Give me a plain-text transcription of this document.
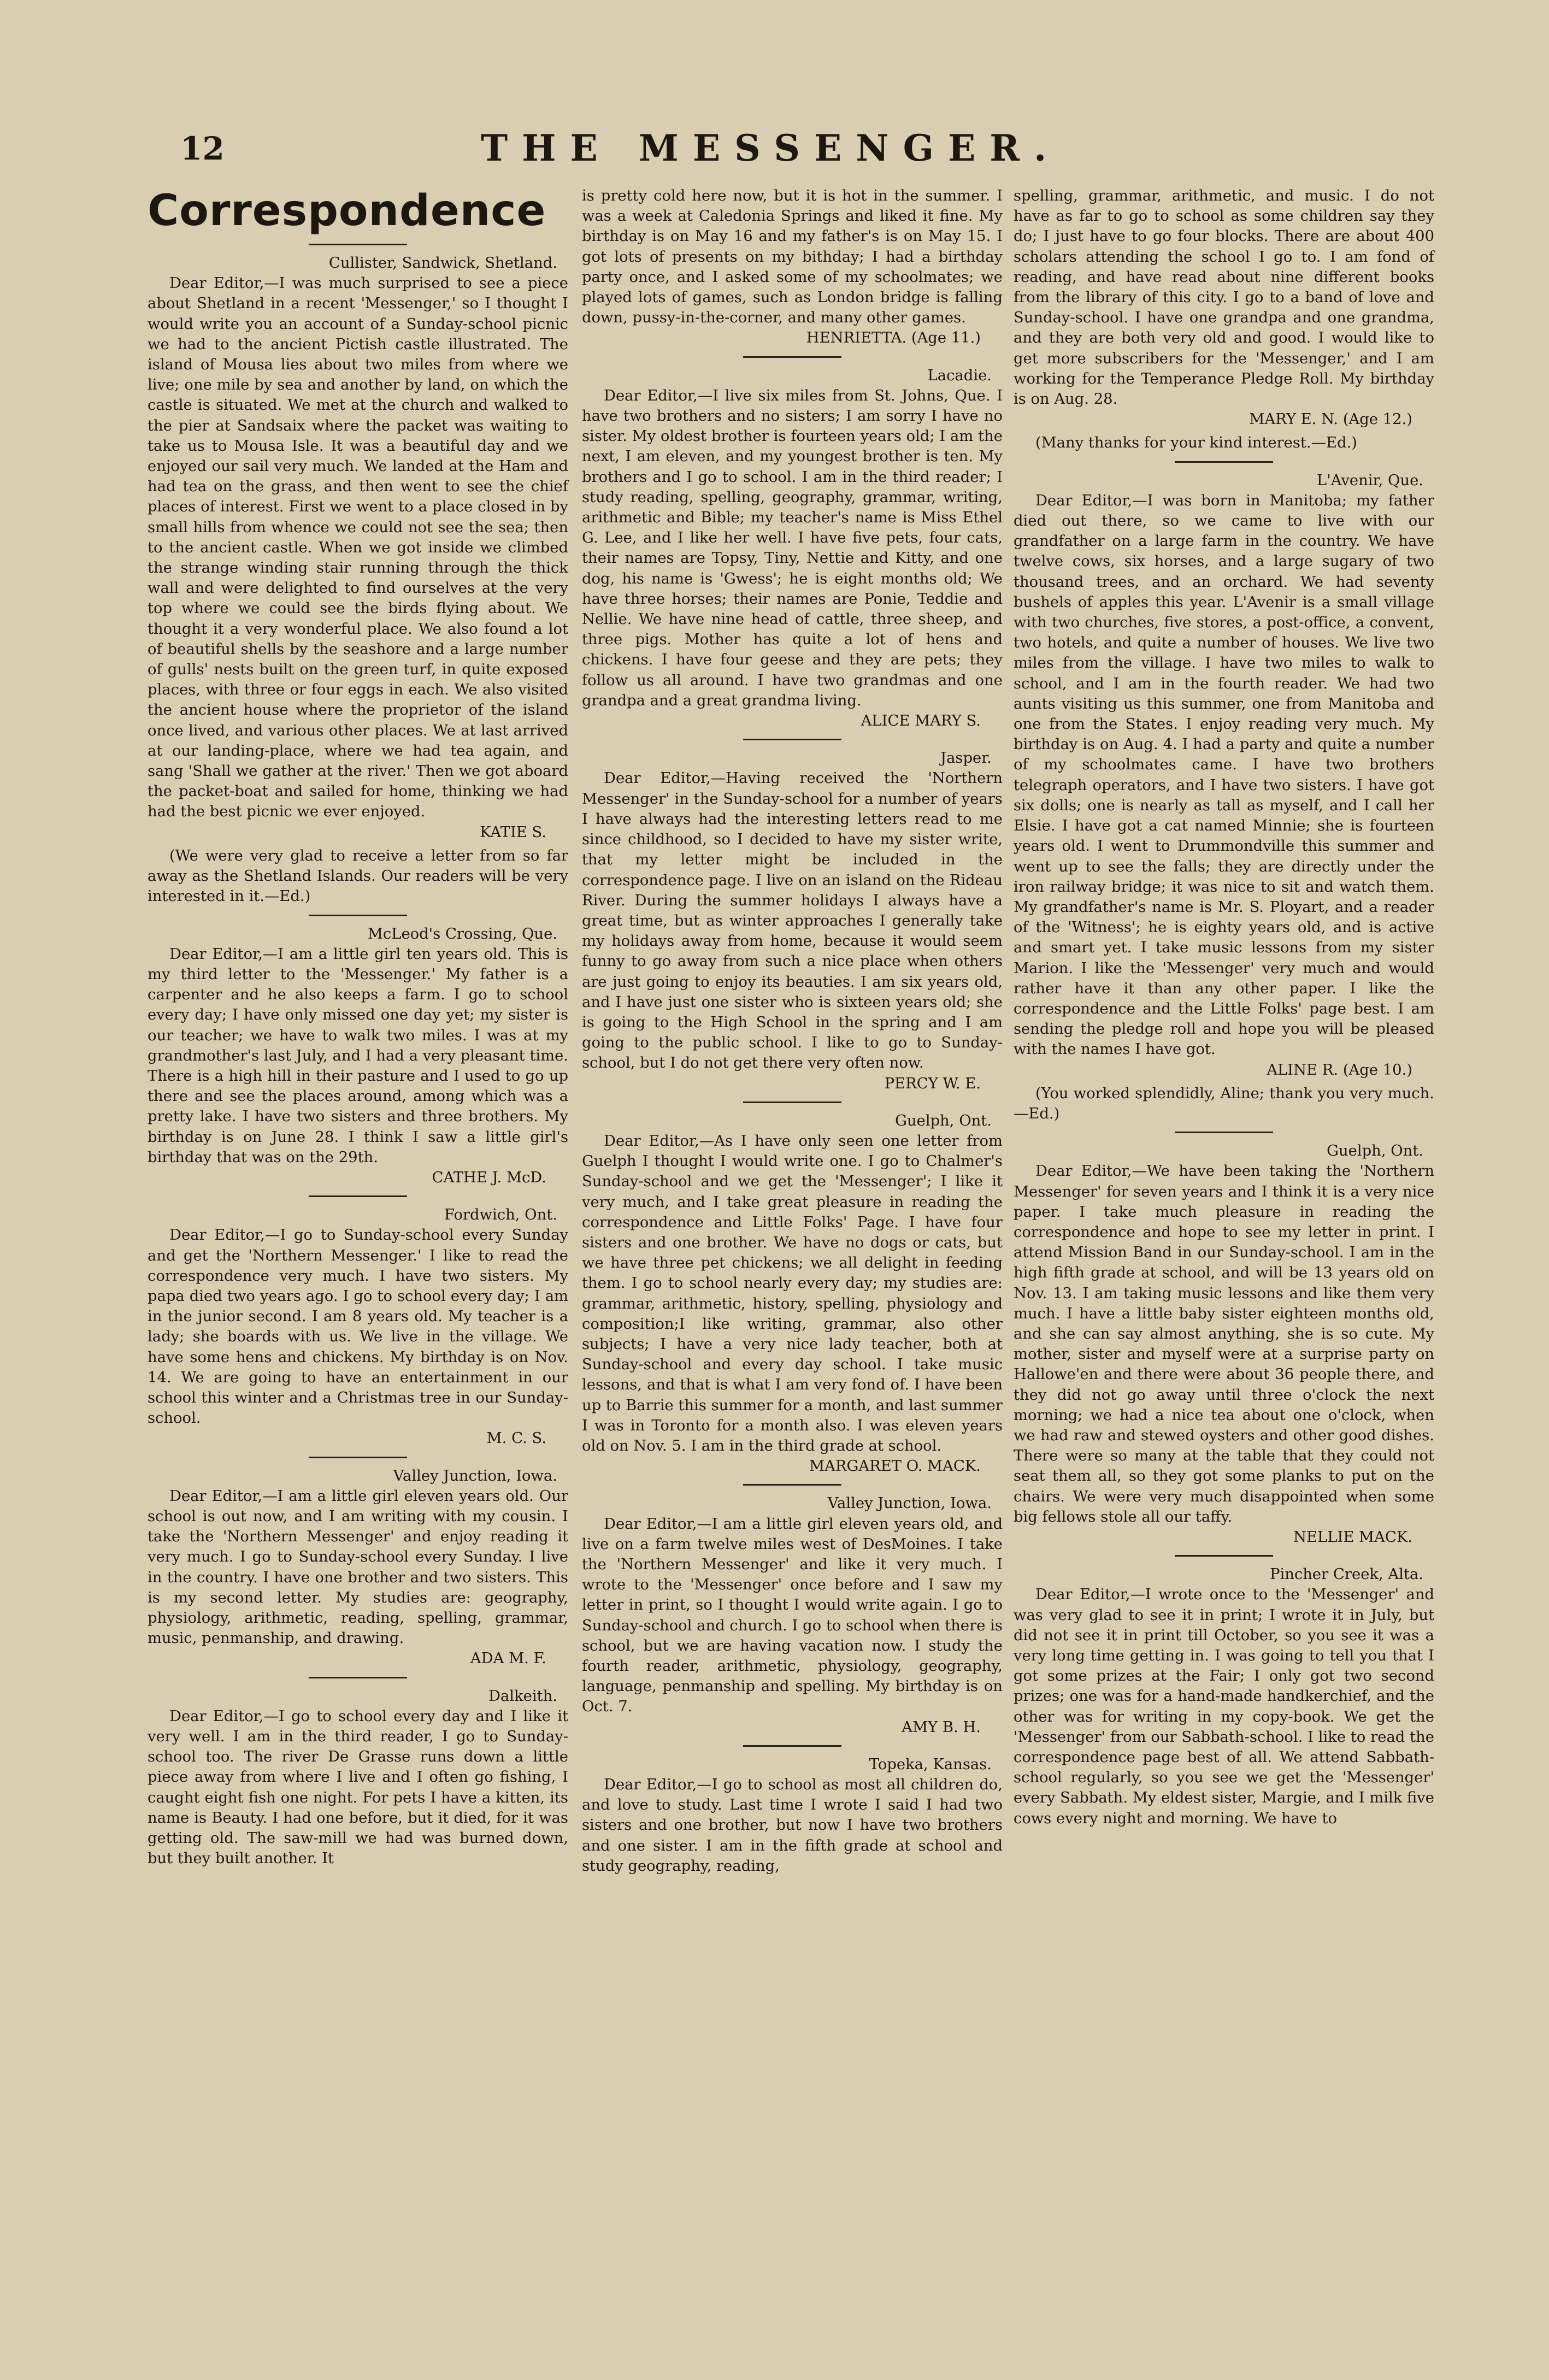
12	THE MESSENGER.
Correspondence

Cullister, Sandwick, Shetland.

Dear Editor,—I was much surprised to see a piece about Shetland in a recent 'Messenger,' so I thought I would write you an account of a Sunday-school picnic we had to the ancient Pictish castle illustrated. The island of Mousa lies about two miles from where we live; one mile by sea and another by land, on which the castle is situated. We met at the church and walked to the pier at Sandsaix where the packet was waiting to take us to Mousa Isle. It was a beautiful day and we enjoyed our sail very much. We landed at the Ham and had tea on the grass, and then went to see the chief places of interest. First we went to a place closed in by small hills from whence we could not see the sea; then to the ancient castle. When we got inside we climbed the strange winding stair running through the thick wall and were delighted to find ourselves at the very top where we could see the birds flying about. We thought it a very wonderful place. We also found a lot of beautiful shells by the seashore and a large number of gulls' nests built on the green turf, in quite exposed places, with three or four eggs in each. We also visited the ancient house where the proprietor of the island once lived, and various other places. We at last arrived at our landing-place, where we had tea again, and sang 'Shall we gather at the river.' Then we got aboard the packet-boat and sailed for home, thinking we had had the best picnic we ever enjoyed.

KATIE S.

(We were very glad to receive a letter from so far away as the Shetland Islands. Our readers will be very interested in it.—Ed.)

McLeod's Crossing, Que.

Dear Editor,—I am a little girl ten years old. This is my third letter to the 'Messenger.' My father is a carpenter and he also keeps a farm. I go to school every day; I have only missed one day yet; my sister is our teacher; we have to walk two miles. I was at my grandmother's last July, and I had a very pleasant time. There is a high hill in their pasture and I used to go up there and see the places around, among which was a pretty lake. I have two sisters and three brothers. My birthday is on June 28. I think I saw a little girl's birthday that was on the 29th.

CATHE J. McD.

Fordwich, Ont.

Dear Editor,—I go to Sunday-school every Sunday and get the 'Northern Messenger.' I like to read the correspondence very much. I have two sisters. My papa died two years ago. I go to school every day; I am in the junior second. I am 8 years old. My teacher is a lady; she boards with us. We live in the village. We have some hens and chickens. My birthday is on Nov. 14. We are going to have an entertainment in our school this winter and a Christmas tree in our Sunday-school.

M. C. S.

Valley Junction, Iowa.

Dear Editor,—I am a little girl eleven years old. Our school is out now, and I am writing with my cousin. I take the 'Northern Messenger' and enjoy reading it very much. I go to Sunday-school every Sunday. I live in the country. I have one brother and two sisters. This is my second letter. My studies are: geography, physiology, arithmetic, reading, spelling, grammar, music, penmanship, and drawing.

ADA M. F.

Dalkeith.

Dear Editor,—I go to school every day and I like it very well. I am in the third reader, I go to Sunday-school too. The river De Grasse runs down a little piece away from where I live and I often go fishing, I caught eight fish one night. For pets I have a kitten, its name is Beauty. I had one before, but it died, for it was getting old. The saw-mill we had was burned down, but they built another. It

is pretty cold here now, but it is hot in the summer. I was a week at Caledonia Springs and liked it fine. My birthday is on May 16 and my father's is on May 15. I got lots of presents on my bithday; I had a birthday party once, and I asked some of my schoolmates; we played lots of games, such as London bridge is falling down, pussy-in-the-corner, and many other games.

HENRIETTA. (Age 11.)

Lacadie.

Dear Editor,—I live six miles from St. Johns, Que. I have two brothers and no sisters; I am sorry I have no sister. My oldest brother is fourteen years old; I am the next, I am eleven, and my youngest brother is ten. My brothers and I go to school. I am in the third reader; I study reading, spelling, geography, grammar, writing, arithmetic and Bible; my teacher's name is Miss Ethel G. Lee, and I like her well. I have five pets, four cats, their names are Topsy, Tiny, Nettie and Kitty, and one dog, his name is 'Gwess'; he is eight months old; We have three horses; their names are Ponie, Teddie and Nellie. We have nine head of cattle, three sheep, and three pigs. Mother has quite a lot of hens and chickens. I have four geese and they are pets; they follow us all around. I have two grandmas and one grandpa and a great grandma living.

ALICE MARY S.

Jasper.

Dear Editor,—Having received the 'Northern Messenger' in the Sunday-school for a number of years I have always had the interesting letters read to me since childhood, so I decided to have my sister write, that my letter might be included in the correspondence page. I live on an island on the Rideau River. During the summer holidays I always have a great time, but as winter approaches I generally take my holidays away from home, because it would seem funny to go away from such a nice place when others are just going to enjoy its beauties. I am six years old, and I have just one sister who is sixteen years old; she is going to the High School in the spring and I am going to the public school. I like to go to Sunday-school, but I do not get there very often now.

PERCY W. E.

Guelph, Ont.

Dear Editor,—As I have only seen one letter from Guelph I thought I would write one. I go to Chalmer's Sunday-school and we get the 'Messenger'; I like it very much, and I take great pleasure in reading the correspondence and Little Folks' Page. I have four sisters and one brother. We have no dogs or cats, but we have three pet chickens; we all delight in feeding them. I go to school nearly every day; my studies are: grammar, arithmetic, history, spelling, physiology and composition;I like writing, grammar, also other subjects; I have a very nice lady teacher, both at Sunday-school and every day school. I take music lessons, and that is what I am very fond of. I have been up to Barrie this summer for a month, and last summer I was in Toronto for a month also. I was eleven years old on Nov. 5. I am in the third grade at school.

MARGARET O. MACK.

Valley Junction, Iowa.

Dear Editor,—I am a little girl eleven years old, and live on a farm twelve miles west of DesMoines. I take the 'Northern Messenger' and like it very much. I wrote to the 'Messenger' once before and I saw my letter in print, so I thought I would write again. I go to Sunday-school and church. I go to school when there is school, but we are having vacation now. I study the fourth reader, arithmetic, physiology, geography, language, penmanship and spelling. My birthday is on Oct. 7.

AMY B. H.

Topeka, Kansas.

Dear Editor,—I go to school as most all children do, and love to study. Last time I wrote I said I had two sisters and one brother, but now I have two brothers and one sister. I am in the fifth grade at school and study geography, reading,

spelling, grammar, arithmetic, and music. I do not have as far to go to school as some children say they do; I just have to go four blocks. There are about 400 scholars attending the school I go to. I am fond of reading, and have read about nine different books from the library of this city. I go to a band of love and Sunday-school. I have one grandpa and one grandma, and they are both very old and good. I would like to get more subscribers for the 'Messenger,' and I am working for the Temperance Pledge Roll. My birthday is on Aug. 28.

MARY E. N. (Age 12.)

(Many thanks for your kind interest.—Ed.)

L'Avenir, Que.

Dear Editor,—I was born in Manitoba; my father died out there, so we came to live with our grandfather on a large farm in the country. We have twelve cows, six horses, and a large sugary of two thousand trees, and an orchard. We had seventy bushels of apples this year. L'Avenir is a small village with two churches, five stores, a post-office, a convent, two hotels, and quite a number of houses. We live two miles from the village. I have two miles to walk to school, and I am in the fourth reader. We had two aunts visiting us this summer, one from Manitoba and one from the States. I enjoy reading very much. My birthday is on Aug. 4. I had a party and quite a number of my schoolmates came. I have two brothers telegraph operators, and I have two sisters. I have got six dolls; one is nearly as tall as myself, and I call her Elsie. I have got a cat named Minnie; she is fourteen years old. I went to Drummondville this summer and went up to see the falls; they are directly under the iron railway bridge; it was nice to sit and watch them. My grandfather's name is Mr. S. Ployart, and a reader of the 'Witness'; he is eighty years old, and is active and smart yet. I take music lessons from my sister Marion. I like the 'Messenger' very much and would rather have it than any other paper. I like the correspondence and the Little Folks' page best. I am sending the pledge roll and hope you will be pleased with the names I have got.

ALINE R. (Age 10.)

(You worked splendidly, Aline; thank you very much.—Ed.)

Guelph, Ont.

Dear Editor,—We have been taking the 'Northern Messenger' for seven years and I think it is a very nice paper. I take much pleasure in reading the correspondence and hope to see my letter in print. I attend Mission Band in our Sunday-school. I am in the high fifth grade at school, and will be 13 years old on Nov. 13. I am taking music lessons and like them very much. I have a little baby sister eighteen months old, and she can say almost anything, she is so cute. My mother, sister and myself were at a surprise party on Hallowe'en and there were about 36 people there, and they did not go away until three o'clock the next morning; we had a nice tea about one o'clock, when we had raw and stewed oysters and other good dishes. There were so many at the table that they could not seat them all, so they got some planks to put on the chairs. We were very much disappointed when some big fellows stole all our taffy.

NELLIE MACK.

Pincher Creek, Alta.

Dear Editor,—I wrote once to the 'Messenger' and was very glad to see it in print; I wrote it in July, but did not see it in print till October, so you see it was a very long time getting in. I was going to tell you that I got some prizes at the Fair; I only got two second prizes; one was for a hand-made handkerchief, and the other was for writing in my copy-book. We get the 'Messenger' from our Sabbath-school. I like to read the correspondence page best of all. We attend Sabbath-school regularly, so you see we get the 'Messenger' every Sabbath. My eldest sister, Margie, and I milk five cows every night and morning. We have to
